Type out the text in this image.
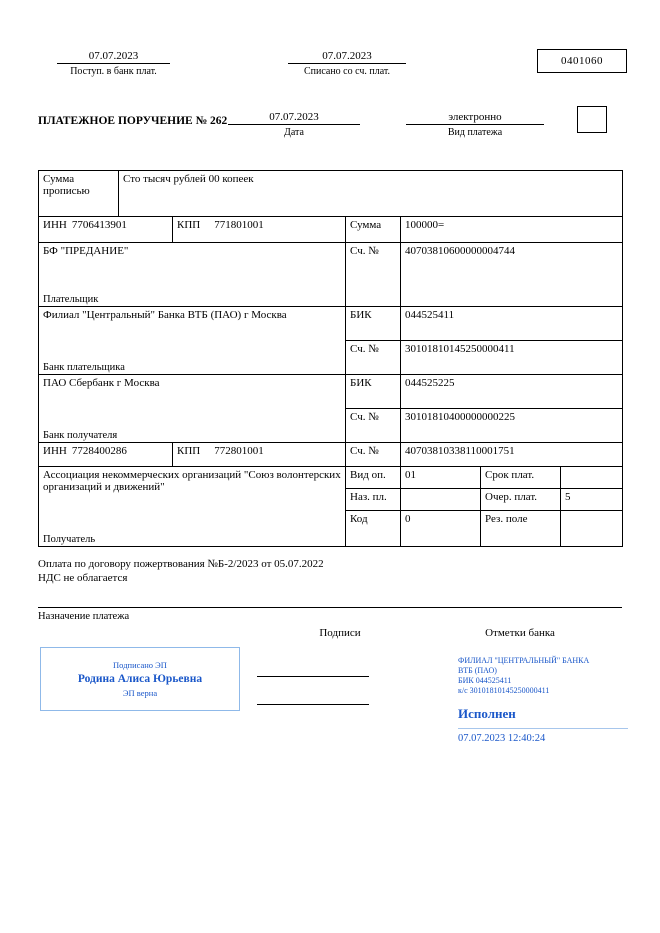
07.07.2023
Поступ. в банк плат.
07.07.2023
Списано со сч. плат.
0401060
ПЛАТЕЖНОЕ ПОРУЧЕНИЕ № 262	07.07.2023
Дата
электронно
Вид платежа
Сумма прописью	Сто тысяч рублей 00 копеек					
ИНН 7706413901		КПП 771801001	Сумма	100000=		

БФ "ПРЕДАНИЕ"
Плательщик			Сч. №	40703810600000004744		

Филиал "Центральный" Банка ВТБ (ПАО) г Москва
Банк плательщика			БИК	044525411		
			Сч. №	30101810145250000411		

ПАО Сбербанк г Москва
Банк получателя			БИК	044525225		
			Сч. №	30101810400000000225		
ИНН 7728400286		КПП 772801001	Сч. №	40703810338110001751		

Ассоциация некоммерческих организаций "Союз волонтерских организаций и движений"
Получатель			Вид оп.	01	Срок плат.	
			Наз. пл.		Очер. плат.	5
			Код	0	Рез. поле	
Оплата по договору пожертвования №Б-2/2023 от 05.07.2022
НДС не облагается
Назначение платежа
Подписи	Отметки банка
Подписано ЭП
Родина Алиса Юрьевна
ЭП верна
ФИЛИАЛ "ЦЕНТРАЛЬНЫЙ" БАНКА
ВТБ (ПАО)
БИК 044525411
к/с 30101810145250000411
Исполнен
07.07.2023 12:40:24
